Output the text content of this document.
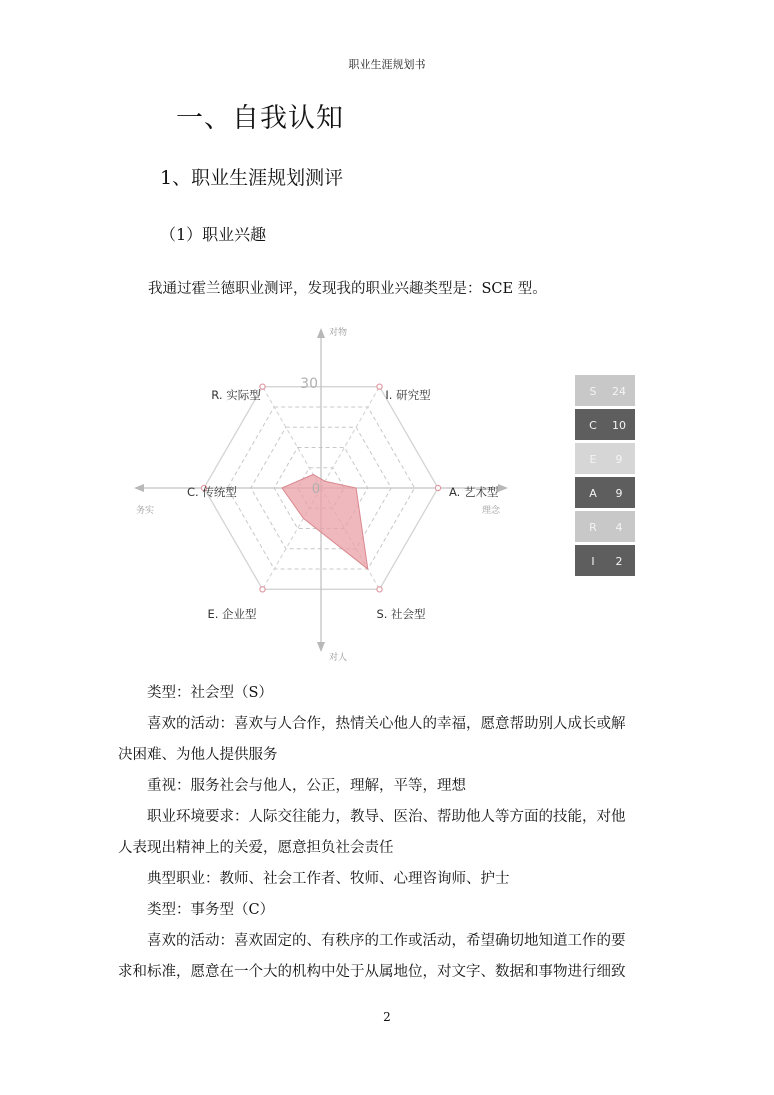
职业生涯规划书
一、自我认知
1、职业生涯规划测评
（1）职业兴趣
我通过霍兰德职业测评，发现我的职业兴趣类型是：SCE 型。
R. 实际型	I. 研究型
A. 艺术型
S. 社会型
E. 企业型
C. 传统型
30
0
对物
对人
务实	理念
S 24
C 10
E 9
A 9
R 4
I 2
类型：社会型（S）
喜欢的活动：喜欢与人合作，热情关心他人的幸福，愿意帮助别人成长或解
决困难、为他人提供服务
重视：服务社会与他人，公正，理解，平等，理想
职业环境要求：人际交往能力，教导、医治、帮助他人等方面的技能，对他
人表现出精神上的关爱，愿意担负社会责任
典型职业：教师、社会工作者、牧师、心理咨询师、护士
类型：事务型（C）
喜欢的活动：喜欢固定的、有秩序的工作或活动，希望确切地知道工作的要
求和标准，愿意在一个大的机构中处于从属地位，对文字、数据和事物进行细致
2
